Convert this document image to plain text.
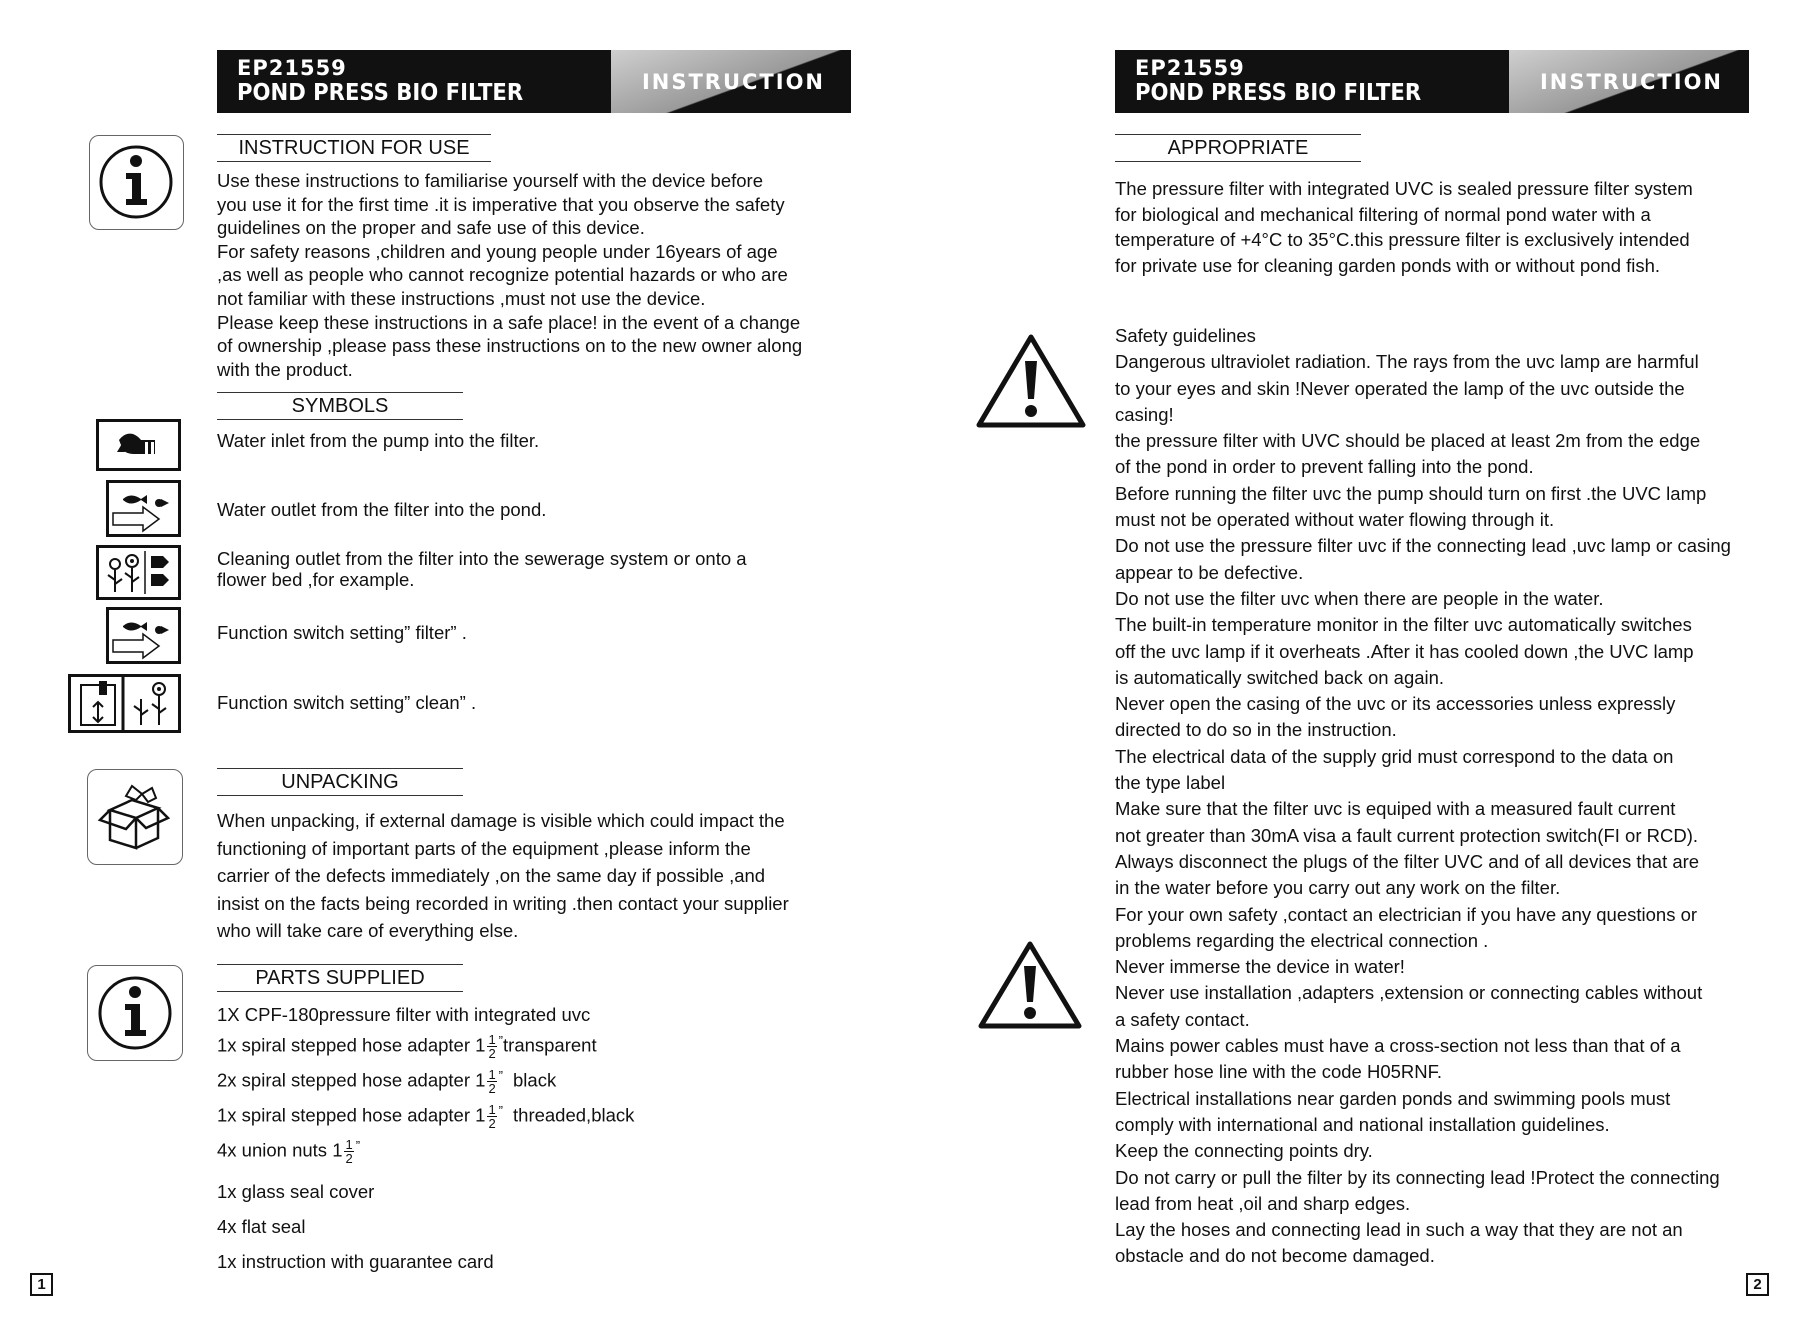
EP21559
POND PRESS BIO FILTER	INSTRUCTION
INSTRUCTION FOR USE

Use these instructions to familiarise yourself with the device before

you use it for the first time .it is imperative that you observe the safety

guidelines on the proper and safe use of this device.

For safety reasons ,children and young people under 16years of age

,as well as people who cannot recognize potential hazards or who are

not familiar with these instructions ,must not use the device.

Please keep these instructions in a safe place! in the event of a change

of ownership ,please pass these instructions on to the new owner along

with the product.

SYMBOLS
Water inlet from the pump into the filter.
Water outlet from the filter into the pond.
Cleaning outlet from the filter into the sewerage system or onto a
flower bed ,for example.
Function switch setting” filter” .
Function switch setting” clean” .
UNPACKING

When unpacking, if external damage is visible which could impact the

functioning of important parts of the equipment ,please inform the

carrier of the defects immediately ,on the same day if possible ,and

insist on the facts being recorded in writing .then contact your supplier

who will take care of everything else.

PARTS SUPPLIED
1X CPF-180pressure filter with integrated uvc
1x spiral stepped hose adapter $1 \frac{1}{2}$ ”transparent
2x spiral stepped hose adapter $1 \frac{1}{2} ^”$ black
1x spiral stepped hose adapter $1 \frac{1}{2} ^”$ threaded,black
4x union nuts $1 \frac{1}{2} ^”$
1x glass seal cover
4x flat seal
1x instruction with guarantee card
1
EP21559
POND PRESS BIO FILTER	INSTRUCTION
APPROPRIATE

The pressure filter with integrated UVC is sealed pressure filter system

for biological and mechanical filtering of normal pond water with a

temperature of +4°C to 35°C.this pressure filter is exclusively intended

for private use for cleaning garden ponds with or without pond fish.

Safety guidelines
Dangerous ultraviolet radiation. The rays from the uvc lamp are harmful
to your eyes and skin !Never operated the lamp of the uvc outside the
casing!
the pressure filter with UVC should be placed at least 2m from the edge
of the pond in order to prevent falling into the pond.
Before running the filter uvc the pump should turn on first .the UVC lamp
must not be operated without water flowing through it.
Do not use the pressure filter uvc if the connecting lead ,uvc lamp or casing
appear to be defective.
Do not use the filter uvc when there are people in the water.
The built-in temperature monitor in the filter uvc automatically switches
off the uvc lamp if it overheats .After it has cooled down ,the UVC lamp
is automatically switched back on again.
Never open the casing of the uvc or its accessories unless expressly
directed to do so in the instruction.
The electrical data of the supply grid must correspond to the data on
the type label
Make sure that the filter uvc is equiped with a measured fault current
not greater than 30mA visa a fault current protection switch(FI or RCD).
Always disconnect the plugs of the filter UVC and of all devices that are
in the water before you carry out any work on the filter.
For your own safety ,contact an electrician if you have any questions or
problems regarding the electrical connection .
Never immerse the device in water!
Never use installation ,adapters ,extension or connecting cables without
a safety contact.
Mains power cables must have a cross-section not less than that of a
rubber hose line with the code H05RNF.
Electrical installations near garden ponds and swimming pools must
comply with international and national installation guidelines.
Keep the connecting points dry.
Do not carry or pull the filter by its connecting lead !Protect the connecting
lead from heat ,oil and sharp edges.
Lay the hoses and connecting lead in such a way that they are not an
obstacle and do not become damaged.
2
